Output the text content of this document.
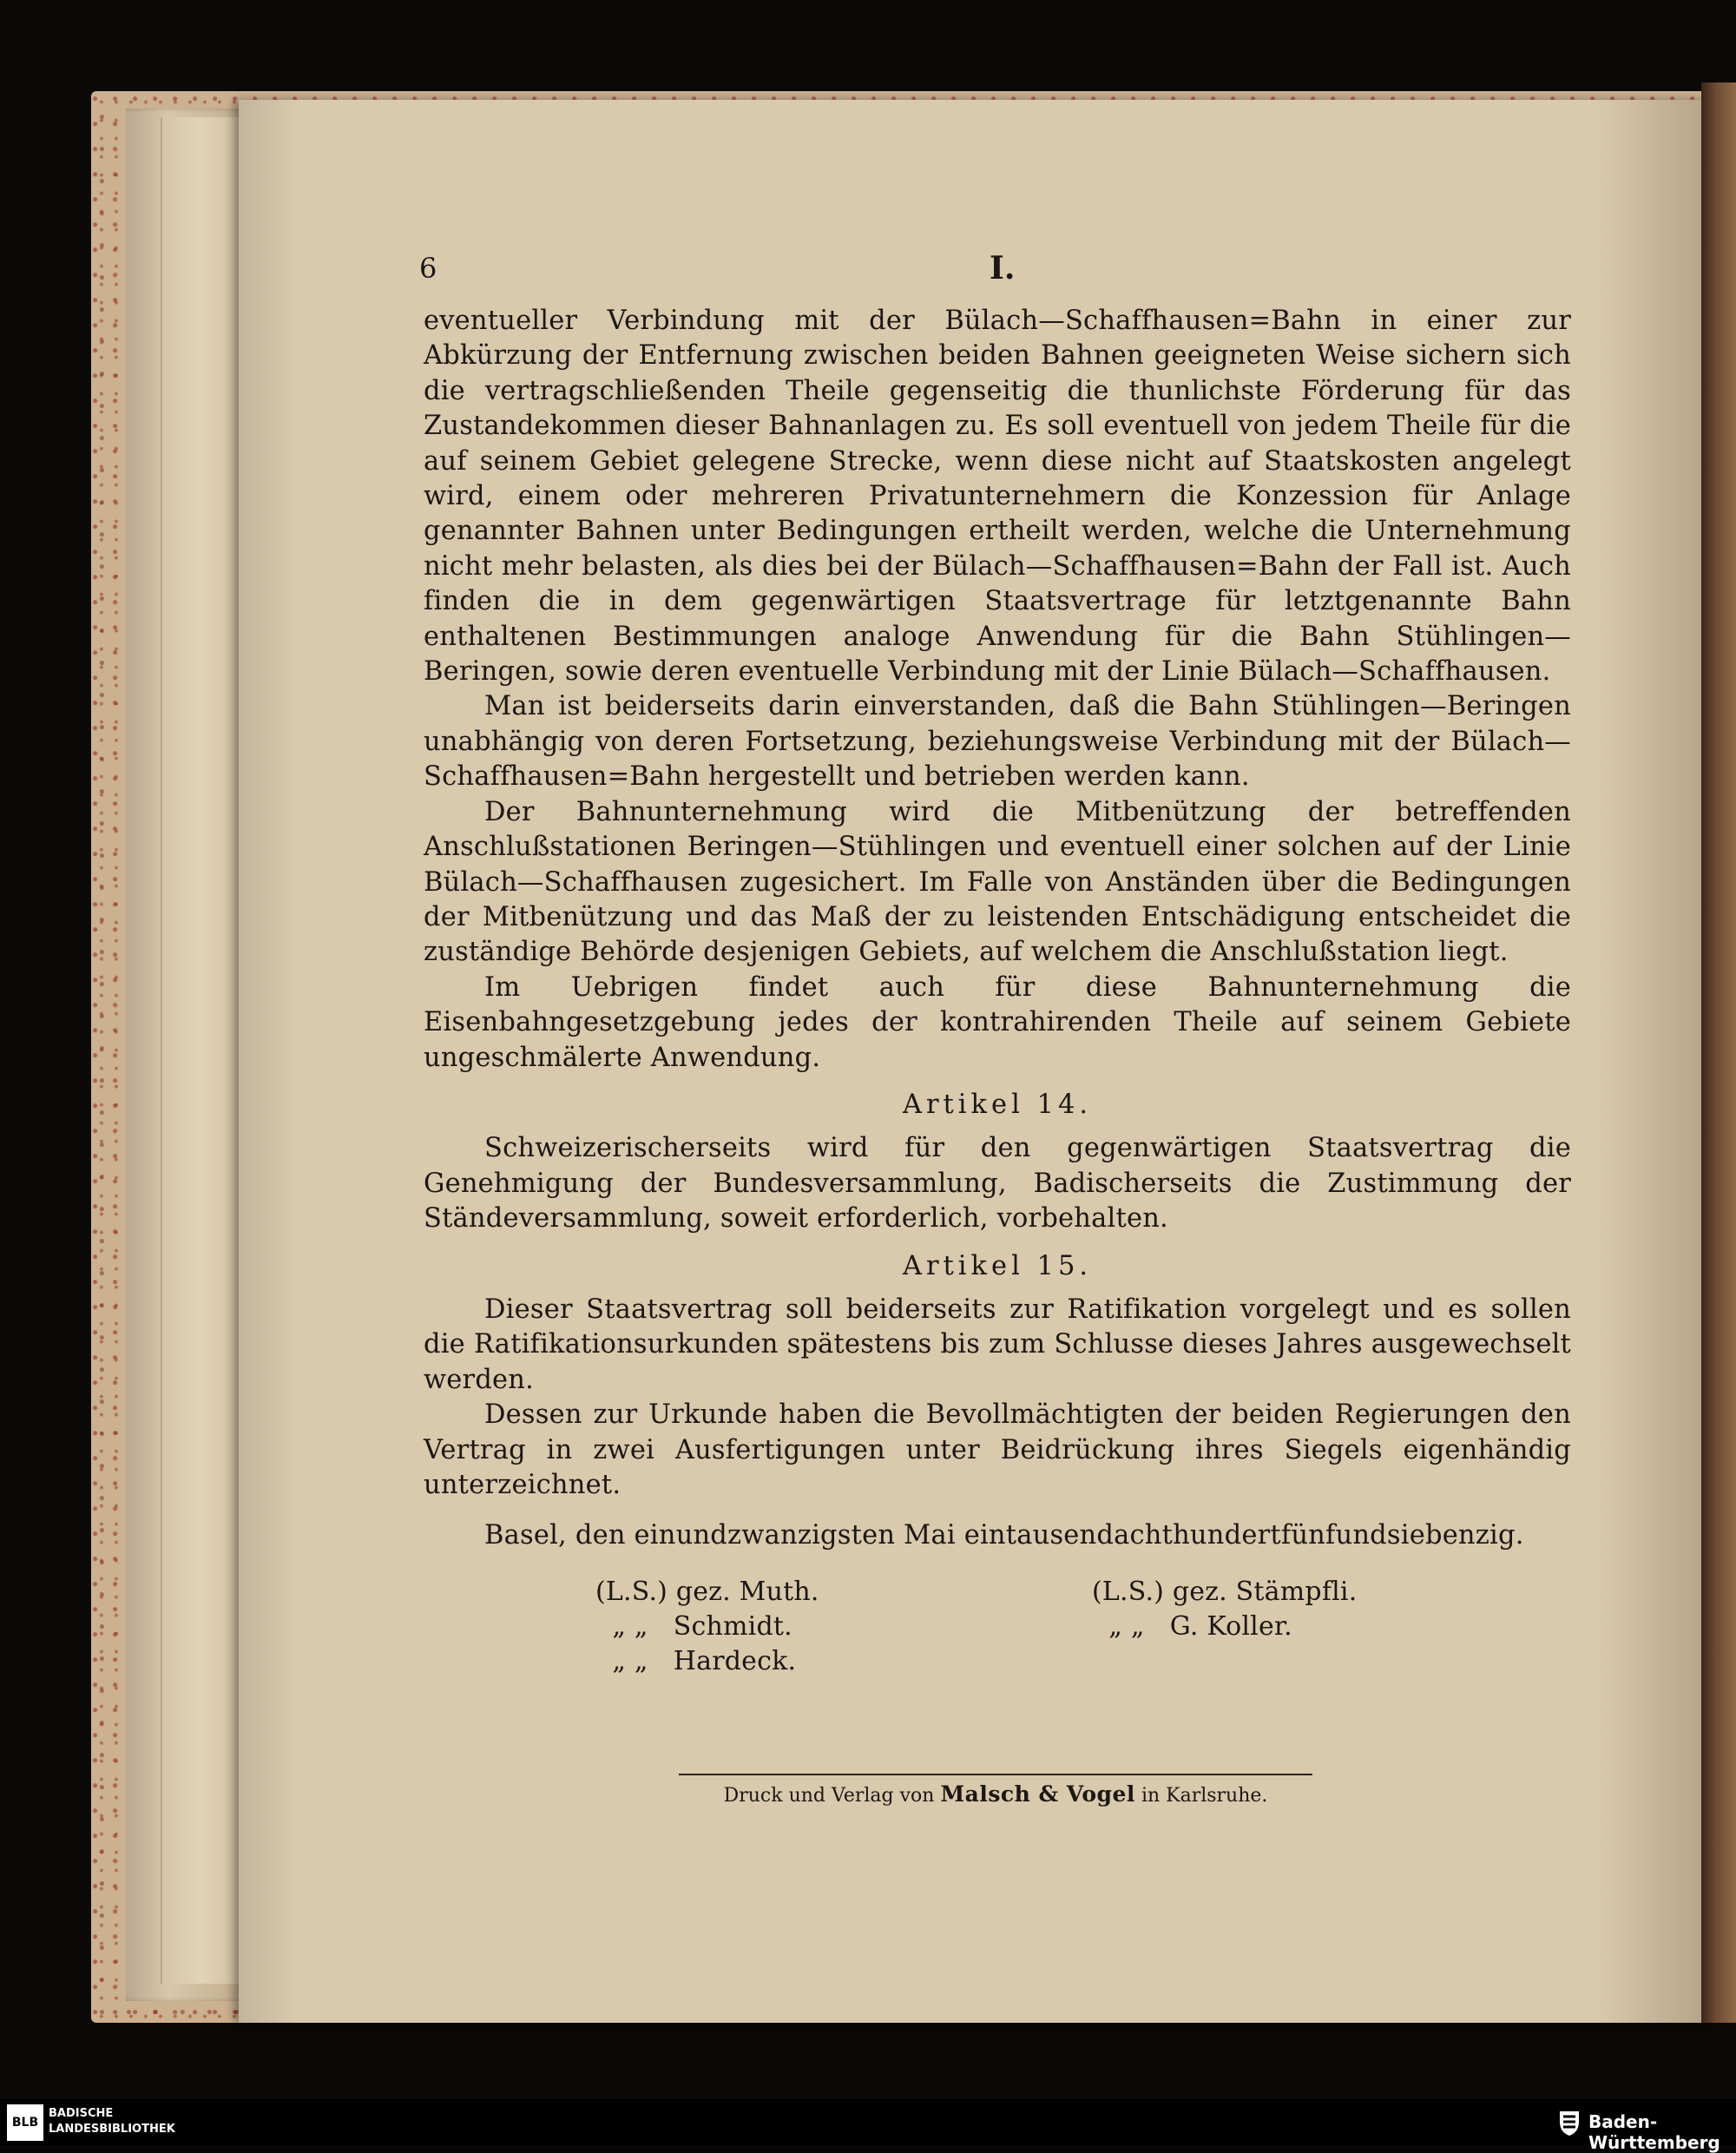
6	I.

eventueller Verbindung mit der Bülach—Schaffhausen=Bahn in einer zur Abkürzung der Entfernung zwischen beiden Bahnen geeigneten Weise sichern sich die vertragschließenden Theile gegenseitig die thunlichste Förderung für das Zustandekommen dieser Bahnanlagen zu. Es soll eventuell von jedem Theile für die auf seinem Gebiet gelegene Strecke, wenn diese nicht auf Staatskosten angelegt wird, einem oder mehreren Privatunternehmern die Konzession für Anlage genannter Bahnen unter Bedingungen ertheilt werden, welche die Unternehmung nicht mehr belasten, als dies bei der Bülach—Schaffhausen=Bahn der Fall ist. Auch finden die in dem gegenwärtigen Staatsvertrage für letztgenannte Bahn enthaltenen Bestimmungen analoge Anwendung für die Bahn Stühlingen—Beringen, sowie deren eventuelle Verbindung mit der Linie Bülach—Schaffhausen.

Man ist beiderseits darin einverstanden, daß die Bahn Stühlingen—Beringen unabhängig von deren Fortsetzung, beziehungsweise Verbindung mit der Bülach—Schaffhausen=Bahn hergestellt und betrieben werden kann.

Der Bahnunternehmung wird die Mitbenützung der betreffenden Anschlußstationen Beringen—Stühlingen und eventuell einer solchen auf der Linie Bülach—Schaffhausen zugesichert. Im Falle von Anständen über die Bedingungen der Mitbenützung und das Maß der zu leistenden Entschädigung entscheidet die zuständige Behörde desjenigen Gebiets, auf welchem die Anschlußstation liegt.

Im Uebrigen findet auch für diese Bahnunternehmung die Eisenbahngesetzgebung jedes der kontrahirenden Theile auf seinem Gebiete ungeschmälerte Anwendung.

Artikel 14.

Schweizerischerseits wird für den gegenwärtigen Staatsvertrag die Genehmigung der Bundesversammlung, Badischerseits die Zustimmung der Ständeversammlung, soweit erforderlich, vorbehalten.

Artikel 15.

Dieser Staatsvertrag soll beiderseits zur Ratifikation vorgelegt und es sollen die Ratifikationsurkunden spätestens bis zum Schlusse dieses Jahres ausgewechselt werden.

Dessen zur Urkunde haben die Bevollmächtigten der beiden Regierungen den Vertrag in zwei Ausfertigungen unter Beidrückung ihres Siegels eigenhändig unterzeichnet.

Basel, den einundzwanzigsten Mai eintausendachthundertfünfundsiebenzig.

(L.S.) gez. Muth.
„ „ Schmidt.
„ „ Hardeck.
(L.S.) gez. Stämpfli.
„ „ G. Koller.
Druck und Verlag von Malsch & Vogel in Karlsruhe.
BLB
BADISCHE
LANDESBIBLIOTHEK	Baden-Württemberg
